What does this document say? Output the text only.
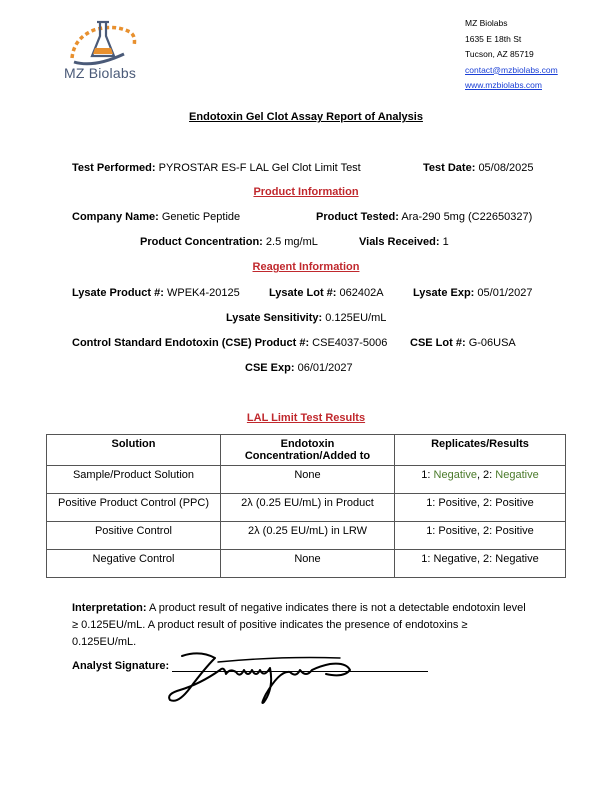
MZ Biolabs
MZ Biolabs
1635 E 18th St
Tucson, AZ 85719
contact@mzbiolabs.com
www.mzbiolabs.com
Endotoxin Gel Clot Assay Report of Analysis
Test Performed: PYROSTAR ES-F LAL Gel Clot Limit Test	Test Date: 05/08/2025
Product Information
Company Name: Genetic Peptide	Product Tested: Ara-290 5mg (C22650327)
Product Concentration: 2.5 mg/mL	Vials Received: 1
Reagent Information
Lysate Product #: WPEK4-20125	Lysate Lot #: 062402A	Lysate Exp: 05/01/2027
Lysate Sensitivity: 0.125EU/mL
Control Standard Endotoxin (CSE) Product #: CSE4037-5006 CSE Lot #: G-06USA
CSE Exp: 06/01/2027
LAL Limit Test Results
Solution	Endotoxin Concentration/Added to	Replicates/Results
Sample/Product Solution	None	1: Negative, 2: Negative
Positive Product Control (PPC)	2λ (0.25 EU/mL) in Product	1: Positive, 2: Positive
Positive Control	2λ (0.25 EU/mL) in LRW	1: Positive, 2: Positive
Negative Control	None	1: Negative, 2: Negative
Interpretation: A product result of negative indicates there is not a detectable endotoxin level ≥ 0.125EU/mL. A product result of positive indicates the presence of endotoxins ≥ 0.125EU/mL.
Analyst Signature:
